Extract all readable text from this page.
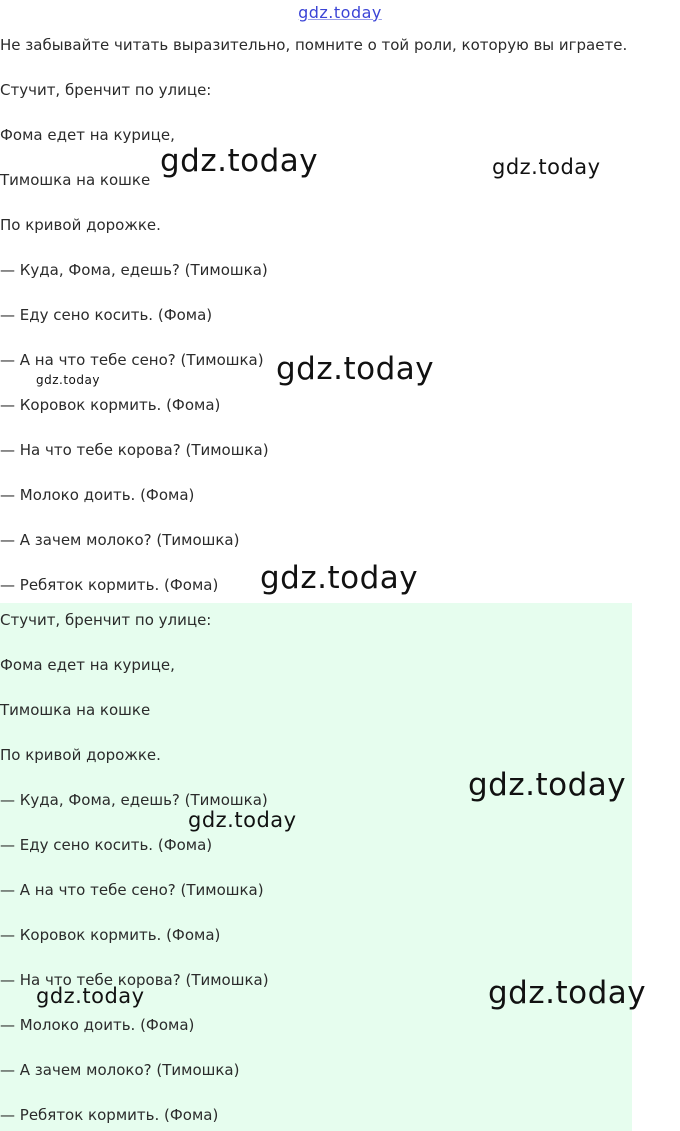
gdz.today

Не забывайте читать выразительно, помните о той роли, которую вы играете.

Стучит, бренчит по улице:

Фома едет на курице,

Тимошка на кошке

По кривой дорожке.

— Куда, Фома, едешь? (Тимошка)

— Еду сено косить. (Фома)

— А на что тебе сено? (Тимошка)

— Коровок кормить. (Фома)

— На что тебе корова? (Тимошка)

— Молоко доить. (Фома)

— А зачем молоко? (Тимошка)

— Ребяток кормить. (Фома)

Стучит, бренчит по улице:

Фома едет на курице,

Тимошка на кошке

По кривой дорожке.

— Куда, Фома, едешь? (Тимошка)

— Еду сено косить. (Фома)

— А на что тебе сено? (Тимошка)

— Коровок кормить. (Фома)

— На что тебе корова? (Тимошка)

— Молоко доить. (Фома)

— А зачем молоко? (Тимошка)

— Ребяток кормить. (Фома)

gdz.today	gdz.today

gdz.today	gdz.today

gdz.today

gdz.today

gdz.today

gdz.today	gdz.today
